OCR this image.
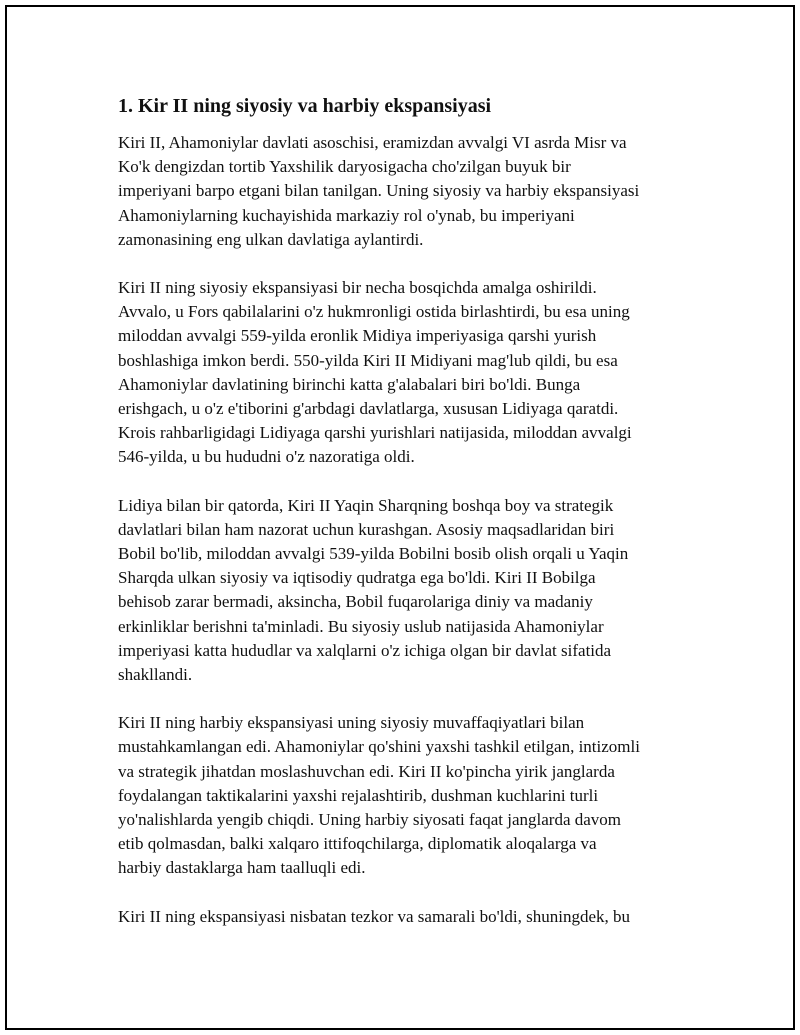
1. Kir II ning siyosiy va harbiy ekspansiyasi

Kiri II, Ahamoniylar davlati asoschisi, eramizdan avvalgi VI asrda Misr va
Ko'k dengizdan tortib Yaxshilik daryosigacha cho'zilgan buyuk bir
imperiyani barpo etgani bilan tanilgan. Uning siyosiy va harbiy ekspansiyasi
Ahamoniylarning kuchayishida markaziy rol o'ynab, bu imperiyani
zamonasining eng ulkan davlatiga aylantirdi.

Kiri II ning siyosiy ekspansiyasi bir necha bosqichda amalga oshirildi.
Avvalo, u Fors qabilalarini o'z hukmronligi ostida birlashtirdi, bu esa uning
miloddan avvalgi 559-yilda eronlik Midiya imperiyasiga qarshi yurish
boshlashiga imkon berdi. 550-yilda Kiri II Midiyani mag'lub qildi, bu esa
Ahamoniylar davlatining birinchi katta g'alabalari biri bo'ldi. Bunga
erishgach, u o'z e'tiborini g'arbdagi davlatlarga, xususan Lidiyaga qaratdi.
Krois rahbarligidagi Lidiyaga qarshi yurishlari natijasida, miloddan avvalgi
546-yilda, u bu hududni o'z nazoratiga oldi.

Lidiya bilan bir qatorda, Kiri II Yaqin Sharqning boshqa boy va strategik
davlatlari bilan ham nazorat uchun kurashgan. Asosiy maqsadlaridan biri
Bobil bo'lib, miloddan avvalgi 539-yilda Bobilni bosib olish orqali u Yaqin
Sharqda ulkan siyosiy va iqtisodiy qudratga ega bo'ldi. Kiri II Bobilga
behisob zarar bermadi, aksincha, Bobil fuqarolariga diniy va madaniy
erkinliklar berishni ta'minladi. Bu siyosiy uslub natijasida Ahamoniylar
imperiyasi katta hududlar va xalqlarni o'z ichiga olgan bir davlat sifatida
shakllandi.

Kiri II ning harbiy ekspansiyasi uning siyosiy muvaffaqiyatlari bilan
mustahkamlangan edi. Ahamoniylar qo'shini yaxshi tashkil etilgan, intizomli
va strategik jihatdan moslashuvchan edi. Kiri II ko'pincha yirik janglarda
foydalangan taktikalarini yaxshi rejalashtirib, dushman kuchlarini turli
yo'nalishlarda yengib chiqdi. Uning harbiy siyosati faqat janglarda davom
etib qolmasdan, balki xalqaro ittifoqchilarga, diplomatik aloqalarga va
harbiy dastaklarga ham taalluqli edi.

Kiri II ning ekspansiyasi nisbatan tezkor va samarali bo'ldi, shuningdek, bu
